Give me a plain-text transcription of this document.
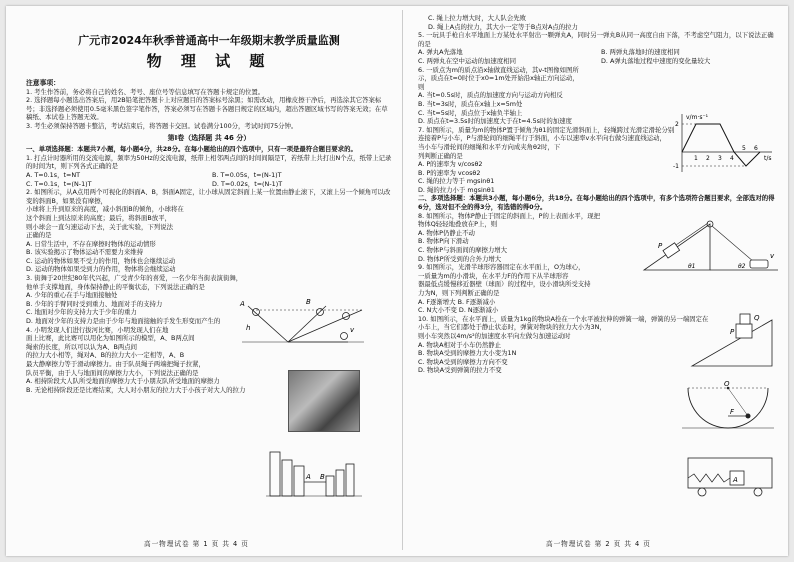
广元市2024年秋季普通高中一年级期末教学质量监测
物 理 试 题
注意事项：

1. 考生作答前，务必将自己的姓名、考号、座位号等信息填写在答题卡规定的位置。

2. 选择题每小题选出答案后，用2B铅笔把答题卡上对应题目的答案标号涂黑；如需改动，用橡皮擦干净后，再选涂其它答案标号；非选择题必须使用0.5毫米黑色签字笔作答，答案必须写在答题卡各题目规定的区域内，超出答题区域书写的答案无效；在草稿纸、本试卷上答题无效。

3. 考生必须保持答题卡整洁，考试结束后，将答题卡交回。试卷满分100分，考试时间75分钟。

第Ⅰ卷（选择题 共 46 分）

一、单项选择题：本题共7小题，每小题4分，共28分。在每小题给出的四个选项中，只有一项是最符合题目要求的。

1. 打点计时器所用的交流电源，频率为50Hz的交流电源，纸带上相邻两点间的时间间隔是T，若纸带上共打出N个点，纸带上记录的时间为t，则下列各式正确的是

A. T=0.1s，t=NT	B. T=0.05s，t=(N-1)T
C. T=0.1s，t=(N-1)T	D. T=0.02s，t=(N-1)T

2. 如图所示，从A点用两个可视化的斜面A、B，斜面A固定，让小球从固定斜面上某一位置由静止滚下，又滚上另一个倾角可以改变的斜面B，如果没有摩擦，

小球将上升到原来的高度，减小斜面B的倾角，小球将在

这个斜面上到达原来的高度；最后，将斜面B放平，

则小球会一直匀速运动下去，关于此实验，下列说法

正确的是

A. 日常生活中，不存在摩擦时物体的运动情形

B. 该实验揭示了物体运动不需要力来维持

C. 运动的物体如果不受力的作用，物体也会继续运动

D. 运动的物体如果受到力的作用，物体将会继续运动

3. 街舞于20世纪80年代兴起，广受青少年的喜爱，一名少年当街表演街舞，

他单手支撑地面，身体保持静止的平衡状态，下列说法正确的是

A. 少年的重心在手与地面接触处

B. 少年的手臂同时受到重力、地面对手的支持力

C. 地面对少年的支持力大于少年的重力

D. 地面对少年的支持力是由于少年与地面接触的手发生形变而产生的

4. 小明发现人们进行拔河比赛，小明发现人们在地

面上比赛，此比赛可以用化为如图所示的模型，A、B两点间

绳索的长度，所以可以认为A、B两点间

的拉力大小相等，绳对A、B的拉力大小一定相等，A、B

最大静摩擦力等于滑动摩擦力。由于队员绳子两端把绳子拉紧，

队员平衡，由于人与地面间的摩擦力大小，下列说法正确的是

A. 相持阶段大人队所受地面的摩擦力大于小朋友队所受地面的摩擦力

B. 无论相持阶段还是比赛结束，大人对小朋友的拉力大于小孩子对大人的拉力

A
h
B
v
A B
高一物理试卷 第 1 页 共 4 页

C. 绳上拉力增大时，大人队会先败

D. 绳上A点的拉力，其大小一定等于B点对A点的拉力

5. 一玩具手枪自水平地面上方某处水平射出一颗弹丸A，同时另一弹丸B从同一高度自由下落，不考虑空气阻力，以下说法正确的是

A. 弹丸A先落地	B. 两弹丸落地时的速度相同
C. 两弹丸在空中运动的加速度相同	D. A弹丸落地过程中速度的变化量较大

6. 一质点为m的质点沿x轴做直线运动，其v-t图像如图所

示，质点在t=0时位于x0=1m处开始沿x轴正方向运动，

则

A. 当t=0.5s时，质点的加速度方向与运动方向相反

B. 当t=3s时，质点在x轴上x=5m处

C. 当t=5s时，质点位于x轴负半轴上

D. 质点在t=3.5s时的加速度大于在t=4.5s时的加速度

7. 如图所示，质量为m的物体P置于倾角为θ1的固定光滑斜面上，轻绳跨过光滑定滑轮分别

连接着P与小车，P与滑轮间的细绳平行于斜面，小车以速率v水平向右做匀速直线运动，

当小车与滑轮间的细绳和水平方向成夹角θ2时，下

列判断正确的是

A. P的速率为 v/cosθ2

B. P的速率为 vcosθ2

C. 绳的拉力等于 mgsinθ1

D. 绳的拉力小于 mgsinθ1

二、多项选择题：本题共3小题，每小题6分，共18分。在每小题给出的四个选项中，有多个选项符合题目要求，全部选对的得6分，选对但不全的得3分，有选错的得0分。

8. 如图所示，物体P静止于固定的斜面上，P的上表面水平，现把

物体Q轻轻地叠放在P上，则

A. 物体P仍静止不动

B. 物体P向下滑动

C. 物体P与斜面间的摩擦力增大

D. 物体P所受到的合外力增大

9. 如图所示，光滑半球形容器固定在水平面上，O为球心，

一质量为m的小滑块，在水平力F的作用下从半球形容

器最低点缓慢移近器壁（球面）的过程中，设小滑块所受支持

力为N，则下列判断正确的是

A. F逐渐增大 B. F逐渐减小

C. N大小不变 D. N逐渐减小

10. 如图所示，在水平面上，质量为1kg的物块A拴在一个水平被拉伸的弹簧一端，弹簧的另一端固定在

小车上，当它们都处于静止状态时，弹簧对物块的拉力大小为3N，

则小车突然以4m/s²的加速度水平向左做匀加速运动时

A. 物块A相对于小车仍然静止

B. 物块A受到的摩擦力大小变为1N

C. 物块A受到的摩擦力方向不变

D. 物块A受到弹簧的拉力不变

v/m·s⁻¹
2
-1
1 2 3 4
5 6
t/s
P
θ1	θ2
v
P
Q
O
F
A
高一物理试卷 第 2 页 共 4 页
